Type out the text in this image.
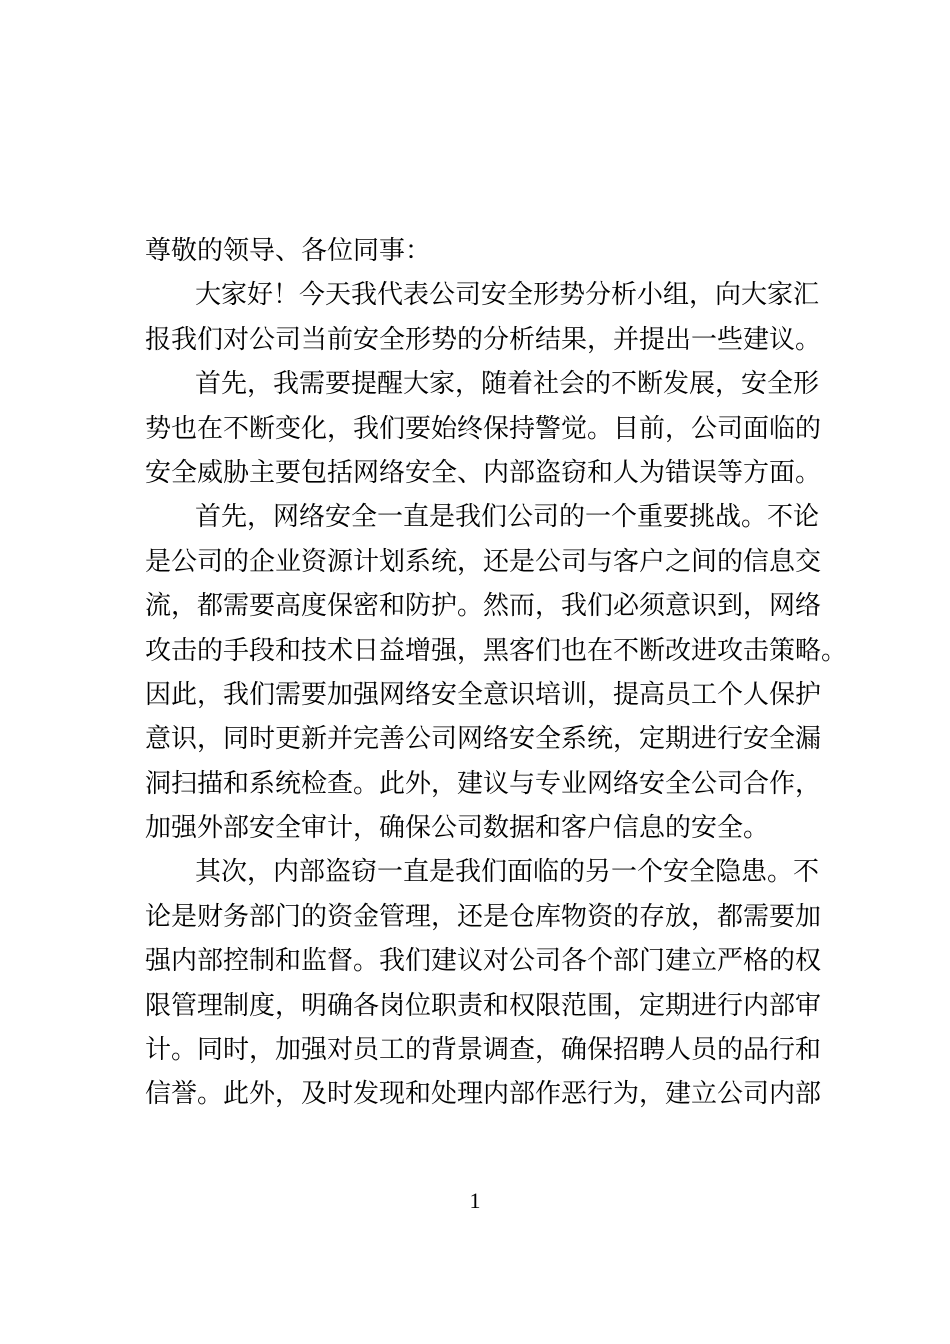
尊敬的领导、各位同事：
大家好！今天我代表公司安全形势分析小组，向大家汇
报我们对公司当前安全形势的分析结果，并提出一些建议。
首先，我需要提醒大家，随着社会的不断发展，安全形
势也在不断变化，我们要始终保持警觉。目前，公司面临的
安全威胁主要包括网络安全、内部盗窃和人为错误等方面。
首先，网络安全一直是我们公司的一个重要挑战。不论
是公司的企业资源计划系统，还是公司与客户之间的信息交
流，都需要高度保密和防护。然而，我们必须意识到，网络
攻击的手段和技术日益增强，黑客们也在不断改进攻击策略。
因此，我们需要加强网络安全意识培训，提高员工个人保护
意识，同时更新并完善公司网络安全系统，定期进行安全漏
洞扫描和系统检查。此外，建议与专业网络安全公司合作，
加强外部安全审计，确保公司数据和客户信息的安全。
其次，内部盗窃一直是我们面临的另一个安全隐患。不
论是财务部门的资金管理，还是仓库物资的存放，都需要加
强内部控制和监督。我们建议对公司各个部门建立严格的权
限管理制度，明确各岗位职责和权限范围，定期进行内部审
计。同时，加强对员工的背景调查，确保招聘人员的品行和
信誉。此外，及时发现和处理内部作恶行为，建立公司内部
1
